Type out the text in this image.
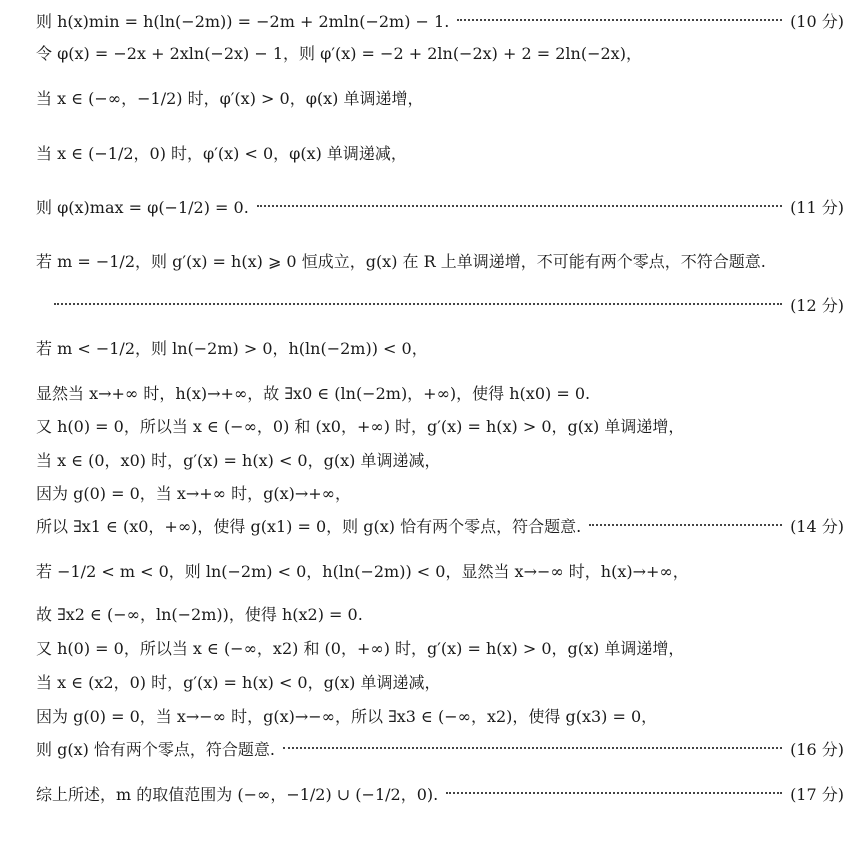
则 h(x)min = h(ln(−2m)) = −2m + 2mln(−2m) − 1.	(10 分)
令 φ(x) = −2x + 2xln(−2x) − 1，则 φ′(x) = −2 + 2ln(−2x) + 2 = 2ln(−2x)，
当 x ∈ (−∞，−1/2) 时，φ′(x) > 0，φ(x) 单调递增，
当 x ∈ (−1/2，0) 时，φ′(x) < 0，φ(x) 单调递减，
则 φ(x)max = φ(−1/2) = 0.	(11 分)
若 m = −1/2，则 g′(x) = h(x) ⩾ 0 恒成立，g(x) 在 R 上单调递增，不可能有两个零点，不符合题意.
(12 分)
若 m < −1/2，则 ln(−2m) > 0，h(ln(−2m)) < 0，
显然当 x→+∞ 时，h(x)→+∞，故 ∃x0 ∈ (ln(−2m)，+∞)，使得 h(x0) = 0.
又 h(0) = 0，所以当 x ∈ (−∞，0) 和 (x0，+∞) 时，g′(x) = h(x) > 0，g(x) 单调递增，
当 x ∈ (0，x0) 时，g′(x) = h(x) < 0，g(x) 单调递减，
因为 g(0) = 0，当 x→+∞ 时，g(x)→+∞，
所以 ∃x1 ∈ (x0，+∞)，使得 g(x1) = 0，则 g(x) 恰有两个零点，符合题意.	(14 分)
若 −1/2 < m < 0，则 ln(−2m) < 0，h(ln(−2m)) < 0，显然当 x→−∞ 时，h(x)→+∞，
故 ∃x2 ∈ (−∞，ln(−2m))，使得 h(x2) = 0.
又 h(0) = 0，所以当 x ∈ (−∞，x2) 和 (0，+∞) 时，g′(x) = h(x) > 0，g(x) 单调递增，
当 x ∈ (x2，0) 时，g′(x) = h(x) < 0，g(x) 单调递减，
因为 g(0) = 0，当 x→−∞ 时，g(x)→−∞，所以 ∃x3 ∈ (−∞，x2)，使得 g(x3) = 0，
则 g(x) 恰有两个零点，符合题意.	(16 分)
综上所述，m 的取值范围为 (−∞，−1/2) ∪ (−1/2，0).	(17 分)
